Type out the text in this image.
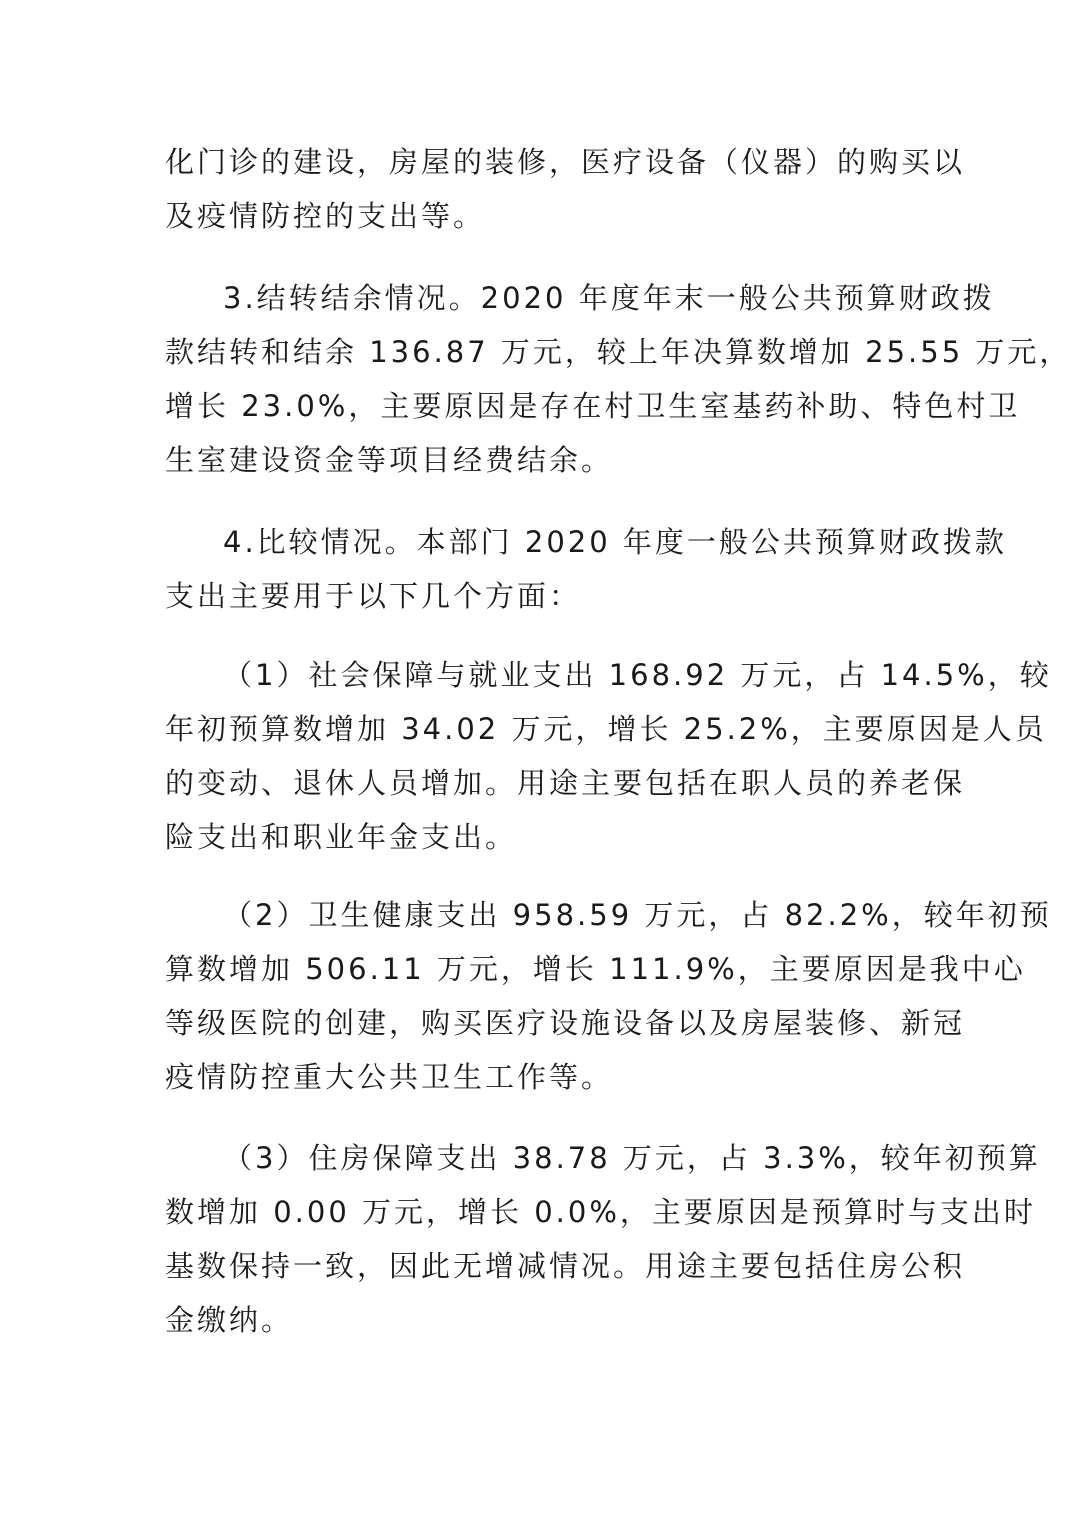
化门诊的建设，房屋的装修，医疗设备（仪器）的购买以
及疫情防控的支出等。

3.结转结余情况。2020 年度年末一般公共预算财政拨
款结转和结余 136.87 万元，较上年决算数增加 25.55 万元，
增长 23.0%，主要原因是存在村卫生室基药补助、特色村卫
生室建设资金等项目经费结余。

4.比较情况。本部门 2020 年度一般公共预算财政拨款
支出主要用于以下几个方面：

（1）社会保障与就业支出 168.92 万元，占 14.5%，较
年初预算数增加 34.02 万元，增长 25.2%，主要原因是人员
的变动、退休人员增加。用途主要包括在职人员的养老保
险支出和职业年金支出。

（2）卫生健康支出 958.59 万元，占 82.2%，较年初预
算数增加 506.11 万元，增长 111.9%，主要原因是我中心
等级医院的创建，购买医疗设施设备以及房屋装修、新冠
疫情防控重大公共卫生工作等。

（3）住房保障支出 38.78 万元，占 3.3%，较年初预算
数增加 0.00 万元，增长 0.0%，主要原因是预算时与支出时
基数保持一致，因此无增减情况。用途主要包括住房公积
金缴纳。
